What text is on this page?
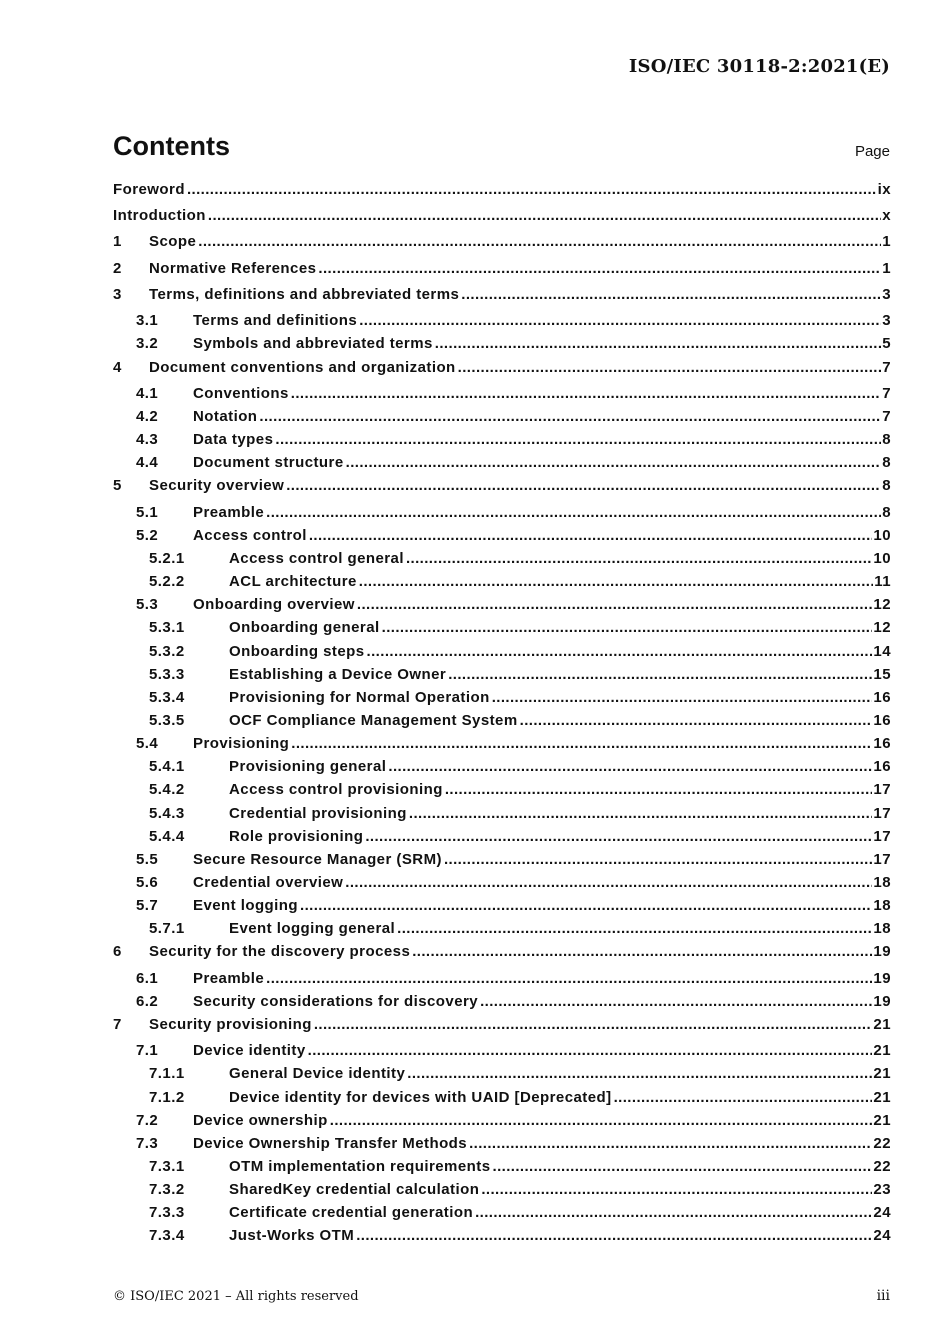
ISO/IEC 30118-2:2021(E)
Contents	Page
Foreword .....	ix
Introduction .....	x
1	Scope .....	1
2	Normative References .....	1
3	Terms, definitions and abbreviated terms .....	3
3.1	Terms and definitions .....	3
3.2	Symbols and abbreviated terms .....	5
4	Document conventions and organization .....	7
4.1	Conventions .....	7
4.2	Notation .....	7
4.3	Data types .....	8
4.4	Document structure .....	8
5	Security overview .....	8
5.1	Preamble .....	8
5.2	Access control .....	10
5.2.1	Access control general .....	10
5.2.2	ACL architecture .....	11
5.3	Onboarding overview .....	12
5.3.1	Onboarding general .....	12
5.3.2	Onboarding steps .....	14
5.3.3	Establishing a Device Owner .....	15
5.3.4	Provisioning for Normal Operation .....	16
5.3.5	OCF Compliance Management System .....	16
5.4	Provisioning .....	16
5.4.1	Provisioning general .....	16
5.4.2	Access control provisioning .....	17
5.4.3	Credential provisioning .....	17
5.4.4	Role provisioning .....	17
5.5	Secure Resource Manager (SRM) .....	17
5.6	Credential overview .....	18
5.7	Event logging .....	18
5.7.1	Event logging general .....	18
6	Security for the discovery process .....	19
6.1	Preamble .....	19
6.2	Security considerations for discovery .....	19
7	Security provisioning .....	21
7.1	Device identity .....	21
7.1.1	General Device identity .....	21
7.1.2	Device identity for devices with UAID [Deprecated] .....	21
7.2	Device ownership .....	21
7.3	Device Ownership Transfer Methods .....	22
7.3.1	OTM implementation requirements .....	22
7.3.2	SharedKey credential calculation .....	23
7.3.3	Certificate credential generation .....	24
7.3.4	Just-Works OTM .....	24
© ISO/IEC 2021 – All rights reserved	iii
